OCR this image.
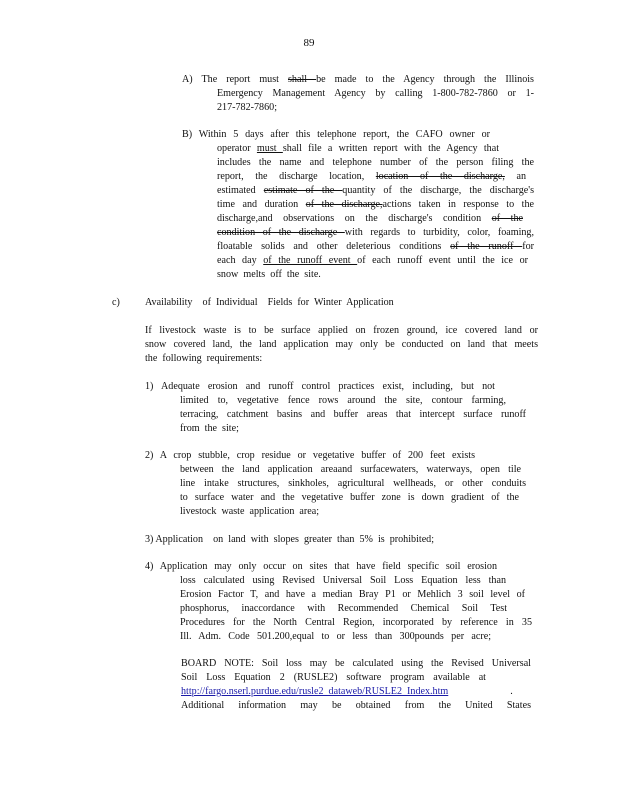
89
A) The report must shall be made to the Agency through the Illinois
Emergency Management Agency by calling 1-800-782-7860 or 1-
217-782-7860;
B) Within 5 days after this telephone report, the CAFO owner or
operator must shall file a written report with the Agency that
includes the name and telephone number of the person filing the
report, the discharge location, location of the discharge, an
estimated estimate of the quantity of the discharge, the discharge's
time and duration of the discharge,actions taken in response to the
discharge,and observations on the discharge's condition of the
condition of the discharge with regards to turbidity, color, foaming,
floatable solids and other deleterious conditions of the runoff for
each day of the runoff event of each runoff event until the ice or
snow  melts  off  the  site.
c) Availability    of  Individual    Fields  for  Winter  Application
If livestock waste is to be surface applied on frozen ground, ice covered land or
snow covered land, the land application may only be conducted on land that meets
the  following  requirements:
1) Adequate erosion and runoff control practices exist, including, but not
limited to, vegetative fence rows around the site, contour farming,
terracing, catchment basins and buffer areas that intercept surface runoff
from  the  site;
2) A crop stubble, crop residue or vegetative buffer of 200 feet exists
between the land application areaand surfacewaters, waterways, open tile
line intake structures, sinkholes, agricultural wellheads, or other conduits
to surface water and the vegetative buffer zone is down gradient of the
livestock  waste  application  area;
3) Application    on  land  with  slopes  greater  than  5%  is  prohibited;
4) Application may only occur on sites that have field specific soil erosion
loss calculated using Revised Universal Soil Loss Equation less than
Erosion Factor T, and have a median Bray P1 or Mehlich 3 soil level of
phosphorus, inaccordance with Recommended Chemical Soil Test
Procedures for the North Central Region, incorporated by reference in 35
Ill. Adm. Code 501.200,equal to or less than 300pounds per acre;
BOARD NOTE: Soil loss may be calculated using the Revised Universal
Soil Loss Equation 2 (RUSLE2) software program available at
http://fargo.nserl.purdue.edu/rusle2_dataweb/RUSLE2_Index.htm	.
Additional information may be obtained from the United States
